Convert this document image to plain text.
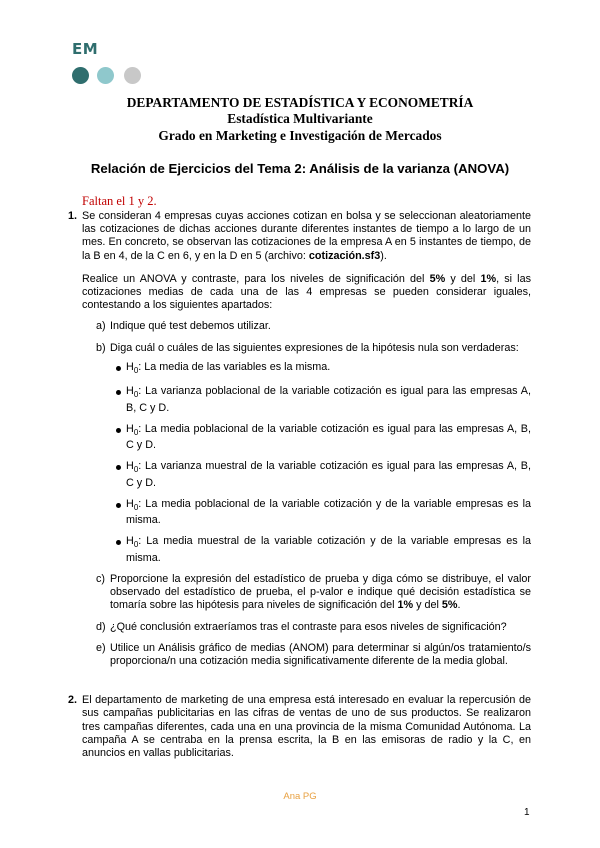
EM
DEPARTAMENTO DE ESTADÍSTICA Y ECONOMETRÍA
Estadística Multivariante
Grado en Marketing e Investigación de Mercados
Relación de Ejercicios del Tema 2: Análisis de la varianza (ANOVA)
Faltan el 1 y 2.
1. Se consideran 4 empresas cuyas acciones cotizan en bolsa y se seleccionan aleatoriamente las cotizaciones de dichas acciones durante diferentes instantes de tiempo a lo largo de un mes. En concreto, se observan las cotizaciones de la empresa A en 5 instantes de tiempo, de la B en 4, de la C en 6, y en la D en 5 (archivo: cotización.sf3).

Realice un ANOVA y contraste, para los niveles de significación del 5% y del 1%, si las cotizaciones medias de cada una de las 4 empresas se pueden considerar iguales, contestando a los siguientes apartados:

a) Indique qué test debemos utilizar.
b) Diga cuál o cuáles de las siguientes expresiones de la hipótesis nula son verdaderas:
$H_0$: La media de las variables es la misma.
$H_0$: La varianza poblacional de la variable cotización es igual para las empresas A, B, C y D.
$H_0$: La media poblacional de la variable cotización es igual para las empresas A, B, C y D.
$H_0$: La varianza muestral de la variable cotización es igual para las empresas A, B, C y D.
$H_0$: La media poblacional de la variable cotización y de la variable empresas es la misma.
$H_0$: La media muestral de la variable cotización y de la variable empresas es la misma.
c) Proporcione la expresión del estadístico de prueba y diga cómo se distribuye, el valor observado del estadístico de prueba, el p-valor e indique qué decisión estadística se tomaría sobre las hipótesis para niveles de significación del 1% y del 5%.
d) ¿Qué conclusión extraeríamos tras el contraste para esos niveles de significación?
e) Utilice un Análisis gráfico de medias (ANOM) para determinar si algún/os tratamiento/s proporciona/n una cotización media significativamente diferente de la media global.
2. El departamento de marketing de una empresa está interesado en evaluar la repercusión de sus campañas publicitarias en las cifras de ventas de uno de sus productos. Se realizaron tres campañas diferentes, cada una en una provincia de la misma Comunidad Autónoma. La campaña A se centraba en la prensa escrita, la B en las emisoras de radio y la C, en anuncios en vallas publicitarias.

Ana PG
1
